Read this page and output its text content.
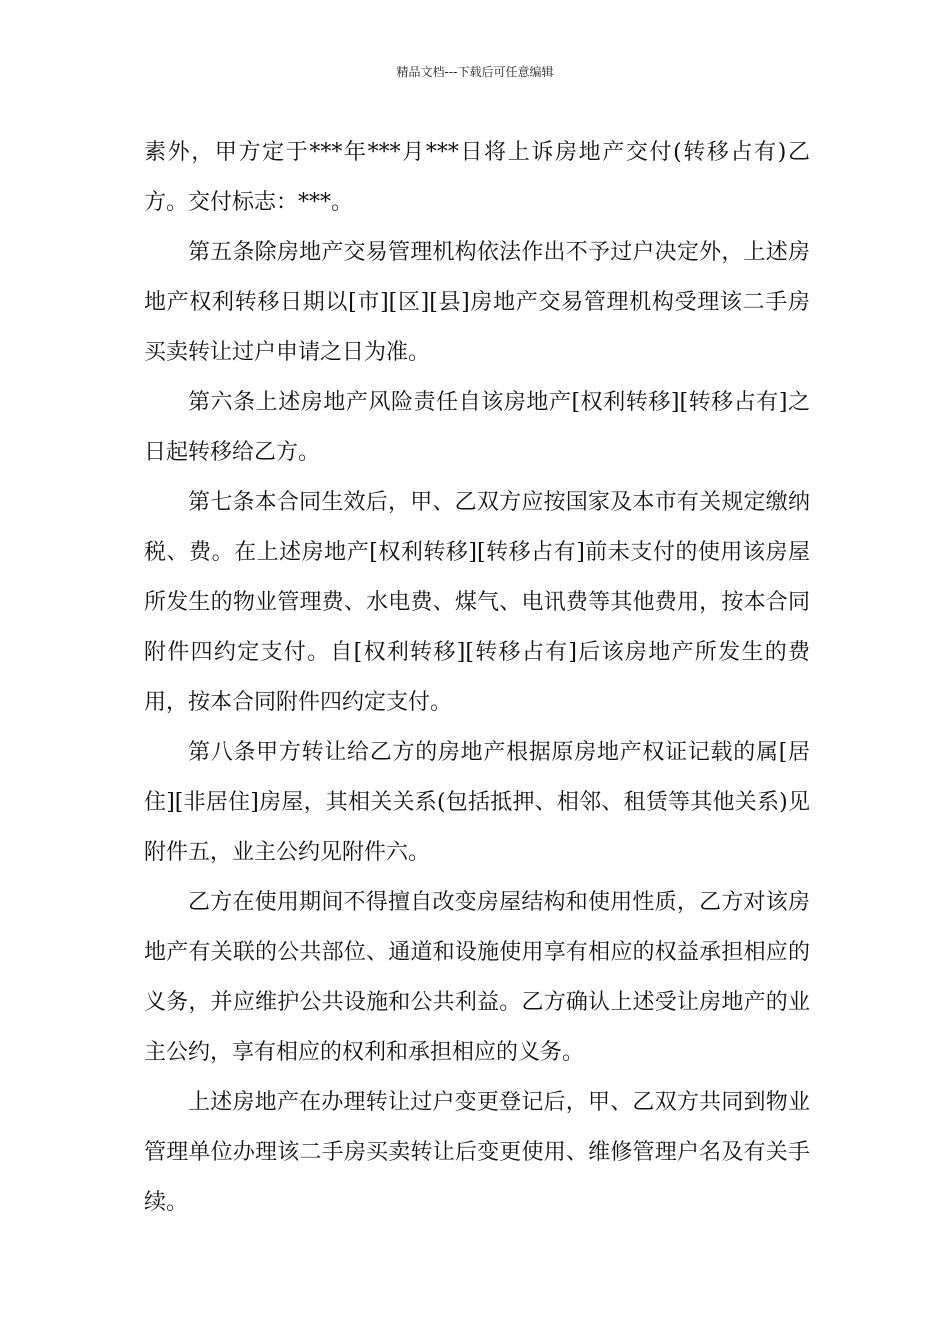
精品文档---下载后可任意编辑

素外，甲方定于***年***月***日将上诉房地产交付(转移占有)乙方。交付标志：***。

第五条除房地产交易管理机构依法作出不予过户决定外，上述房地产权利转移日期以[市][区][县]房地产交易管理机构受理该二手房买卖转让过户申请之日为准。

第六条上述房地产风险责任自该房地产[权利转移][转移占有]之日起转移给乙方。

第七条本合同生效后，甲、乙双方应按国家及本市有关规定缴纳税、费。在上述房地产[权利转移][转移占有]前未支付的使用该房屋所发生的物业管理费、水电费、煤气、电讯费等其他费用，按本合同附件四约定支付。自[权利转移][转移占有]后该房地产所发生的费用，按本合同附件四约定支付。

第八条甲方转让给乙方的房地产根据原房地产权证记载的属[居住][非居住]房屋，其相关关系(包括抵押、相邻、租赁等其他关系)见附件五，业主公约见附件六。

乙方在使用期间不得擅自改变房屋结构和使用性质，乙方对该房地产有关联的公共部位、通道和设施使用享有相应的权益承担相应的义务，并应维护公共设施和公共利益。乙方确认上述受让房地产的业主公约，享有相应的权利和承担相应的义务。

上述房地产在办理转让过户变更登记后，甲、乙双方共同到物业管理单位办理该二手房买卖转让后变更使用、维修管理户名及有关手续。
